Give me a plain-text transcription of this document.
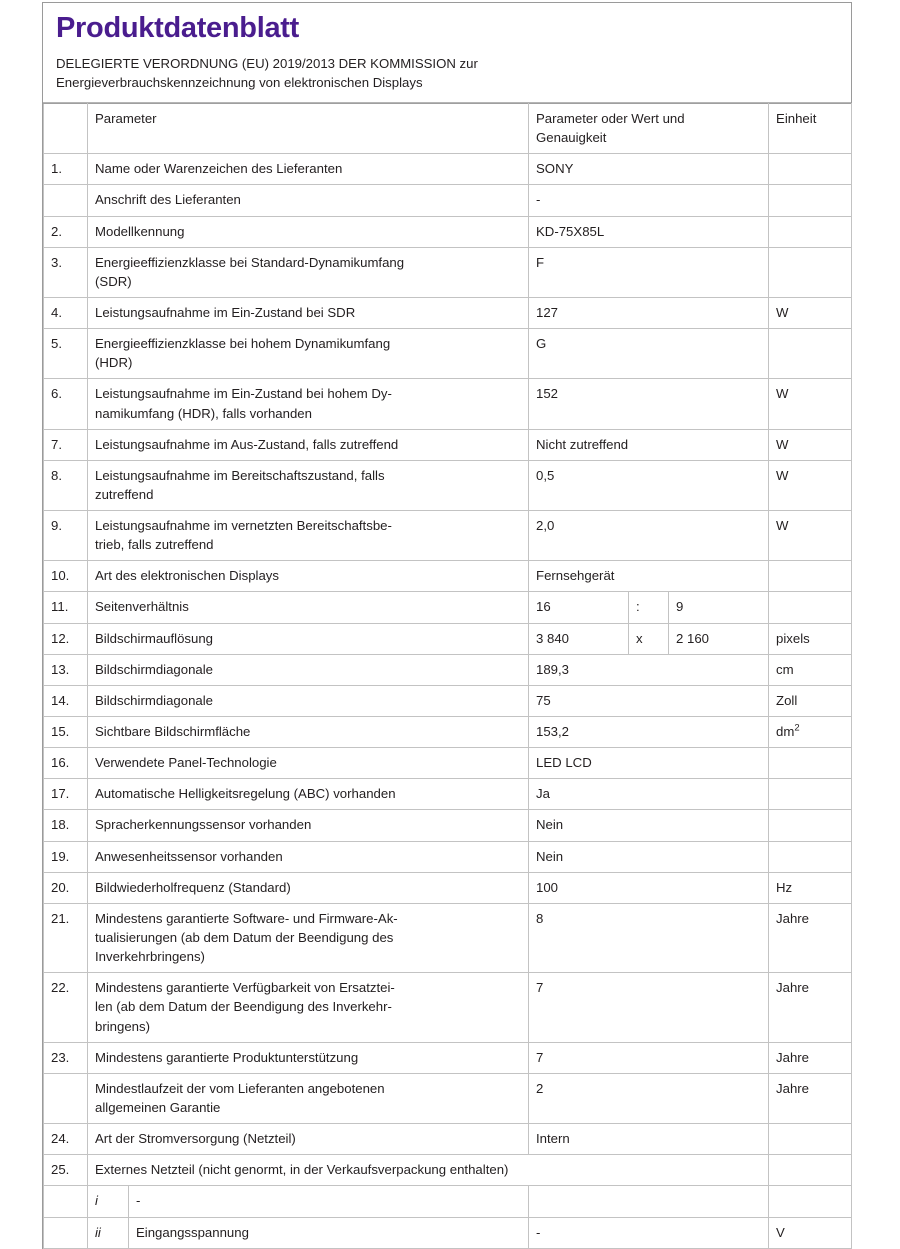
Produktdatenblatt
DELEGIERTE VERORDNUNG (EU) 2019/2013 DER KOMMISSION zur
Energieverbrauchskennzeichnung von elektronischen Displays
	Parameter		Parameter oder Wert und
Genauigkeit			Einheit
1.	Name oder Warenzeichen des Lieferanten		SONY			
	Anschrift des Lieferanten		-			
2.	Modellkennung		KD-75X85L			
3.	Energieeffizienzklasse bei Standard-Dynamikumfang
(SDR)		F			
4.	Leistungsaufnahme im Ein-Zustand bei SDR		127			W
5.	Energieeffizienzklasse bei hohem Dynamikumfang
(HDR)		G			
6.	Leistungsaufnahme im Ein-Zustand bei hohem Dy-
namikumfang (HDR), falls vorhanden		152			W
7.	Leistungsaufnahme im Aus-Zustand, falls zutreffend		Nicht zutreffend			W
8.	Leistungsaufnahme im Bereitschaftszustand, falls
zutreffend		0,5			W
9.	Leistungsaufnahme im vernetzten Bereitschaftsbe-
trieb, falls zutreffend		2,0			W
10.	Art des elektronischen Displays		Fernsehgerät			
11.	Seitenverhältnis		16	:	9	
12.	Bildschirmauflösung		3 840	x	2 160	pixels
13.	Bildschirmdiagonale		189,3			cm
14.	Bildschirmdiagonale		75			Zoll
15.	Sichtbare Bildschirmfläche		153,2			$dm^2$
16.	Verwendete Panel-Technologie		LED LCD			
17.	Automatische Helligkeitsregelung (ABC) vorhanden		Ja			
18.	Spracherkennungssensor vorhanden		Nein			
19.	Anwesenheitssensor vorhanden		Nein			
20.	Bildwiederholfrequenz (Standard)		100			Hz
21.	Mindestens garantierte Software- und Firmware-Ak-
tualisierungen (ab dem Datum der Beendigung des
Inverkehrbringens)		8			Jahre
22.	Mindestens garantierte Verfügbarkeit von Ersatztei-
len (ab dem Datum der Beendigung des Inverkehr-
bringens)		7			Jahre
23.	Mindestens garantierte Produktunterstützung		7			Jahre

	Mindestlaufzeit der vom Lieferanten angebotenen
allgemeinen Garantie		2			Jahre
24.	Art der Stromversorgung (Netzteil)		Intern			
25.	Externes Netzteil (nicht genormt, in der Verkaufsverpackung enthalten)					
	i	-				
	ii	Eingangsspannung	-			V
